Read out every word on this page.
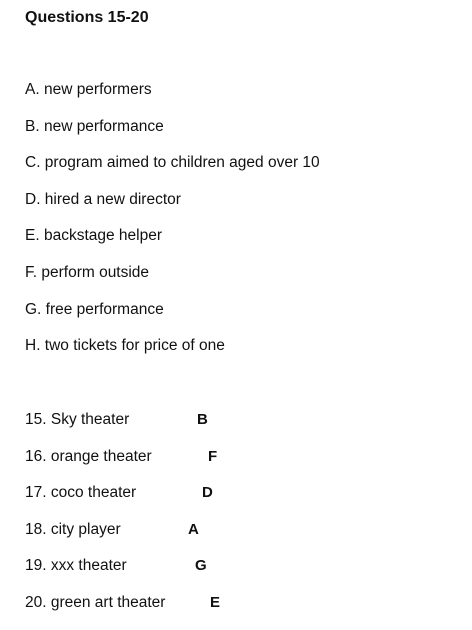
Questions 15-20
A. new performers
B. new performance
C. program aimed to children aged over 10
D. hired a new director
E. backstage helper
F. perform outside
G. free performance
H. two tickets for price of one
15. Sky theater	B
16. orange theater	F
17. coco theater	D
18. city player	A
19. xxx theater	G
20. green art theater	E
